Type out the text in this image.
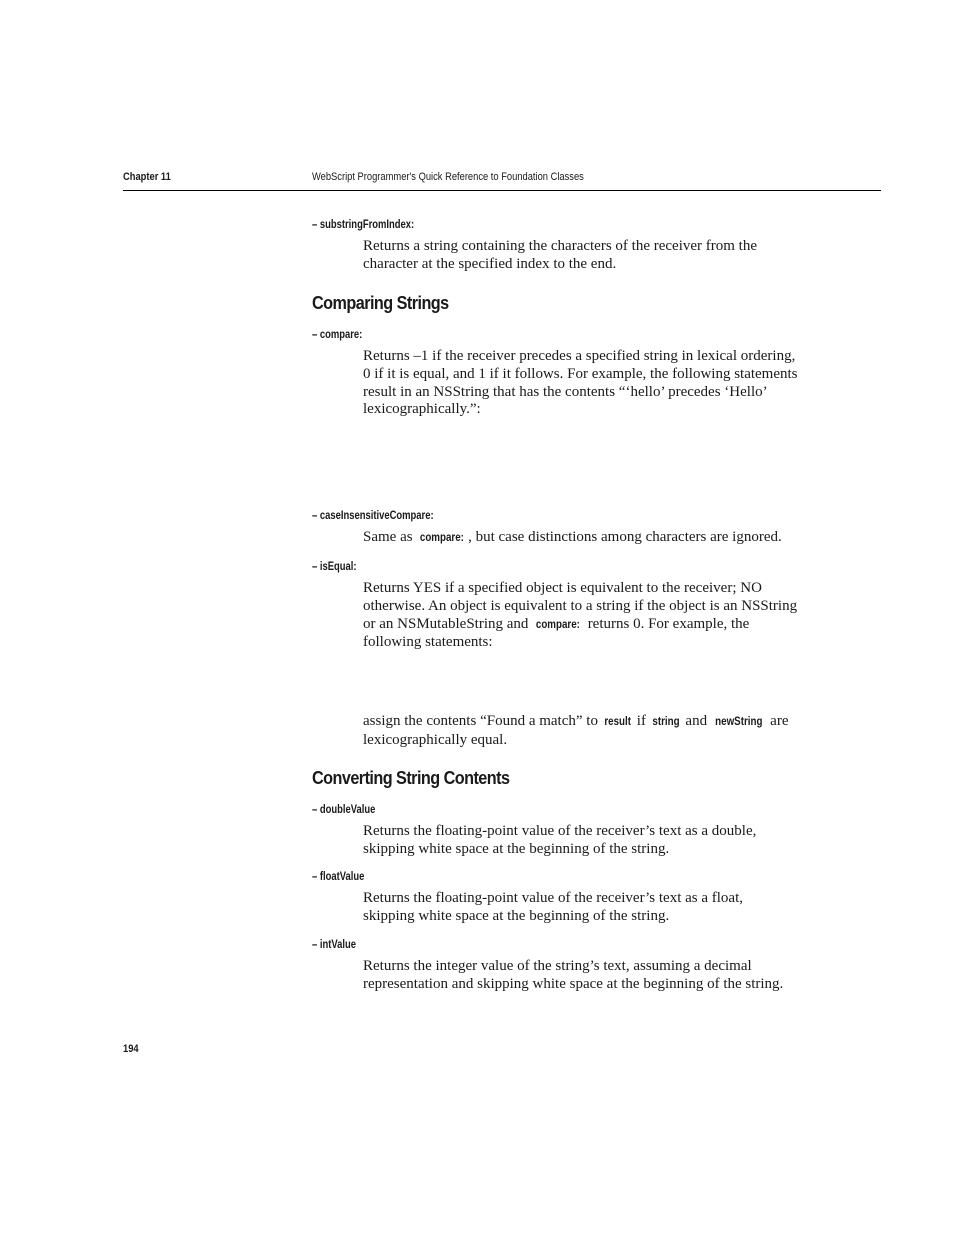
Chapter 11	WebScript Programmer's Quick Reference to Foundation Classes
– substringFromIndex:
Returns a string containing the characters of the receiver from the character at the specified index to the end.
Comparing Strings
– compare:
Returns –1 if the receiver precedes a specified string in lexical ordering, 0 if it is equal, and 1 if it follows. For example, the following statements result in an NSString that has the contents “‘hello’ precedes ‘Hello’ lexicographically.”:
– caseInsensitiveCompare:
Same as compare: , but case distinctions among characters are ignored.
– isEqual:
Returns YES if a specified object is equivalent to the receiver; NO otherwise. An object is equivalent to a string if the object is an NSString or an NSMutableString and compare: returns 0. For example, the following statements:
assign the contents “Found a match” to result if string and newString are lexicographically equal.
Converting String Contents
– doubleValue
Returns the floating-point value of the receiver’s text as a double, skipping white space at the beginning of the string.
– floatValue
Returns the floating-point value of the receiver’s text as a float, skipping white space at the beginning of the string.
– intValue
Returns the integer value of the string’s text, assuming a decimal representation and skipping white space at the beginning of the string.
194
